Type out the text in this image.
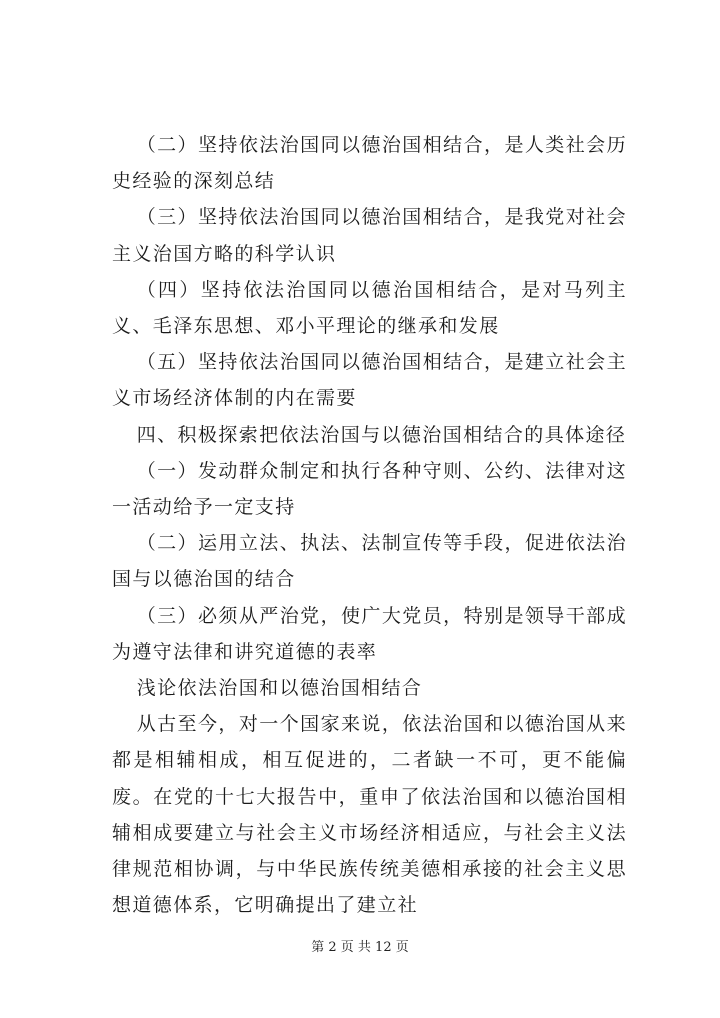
（二）坚持依法治国同以德治国相结合，是人类社会历史经验的深刻总结

（三）坚持依法治国同以德治国相结合，是我党对社会主义治国方略的科学认识

（四）坚持依法治国同以德治国相结合，是对马列主义、毛泽东思想、邓小平理论的继承和发展

（五）坚持依法治国同以德治国相结合，是建立社会主义市场经济体制的内在需要

四、积极探索把依法治国与以德治国相结合的具体途径

（一）发动群众制定和执行各种守则、公约、法律对这一活动给予一定支持

（二）运用立法、执法、法制宣传等手段，促进依法治国与以德治国的结合

（三）必须从严治党，使广大党员，特别是领导干部成为遵守法律和讲究道德的表率

浅论依法治国和以德治国相结合

从古至今，对一个国家来说，依法治国和以德治国从来都是相辅相成，相互促进的，二者缺一不可，更不能偏废。在党的十七大报告中，重申了依法治国和以德治国相辅相成要建立与社会主义市场经济相适应，与社会主义法律规范相协调，与中华民族传统美德相承接的社会主义思想道德体系，它明确提出了建立社

第 2 页 共 12 页
